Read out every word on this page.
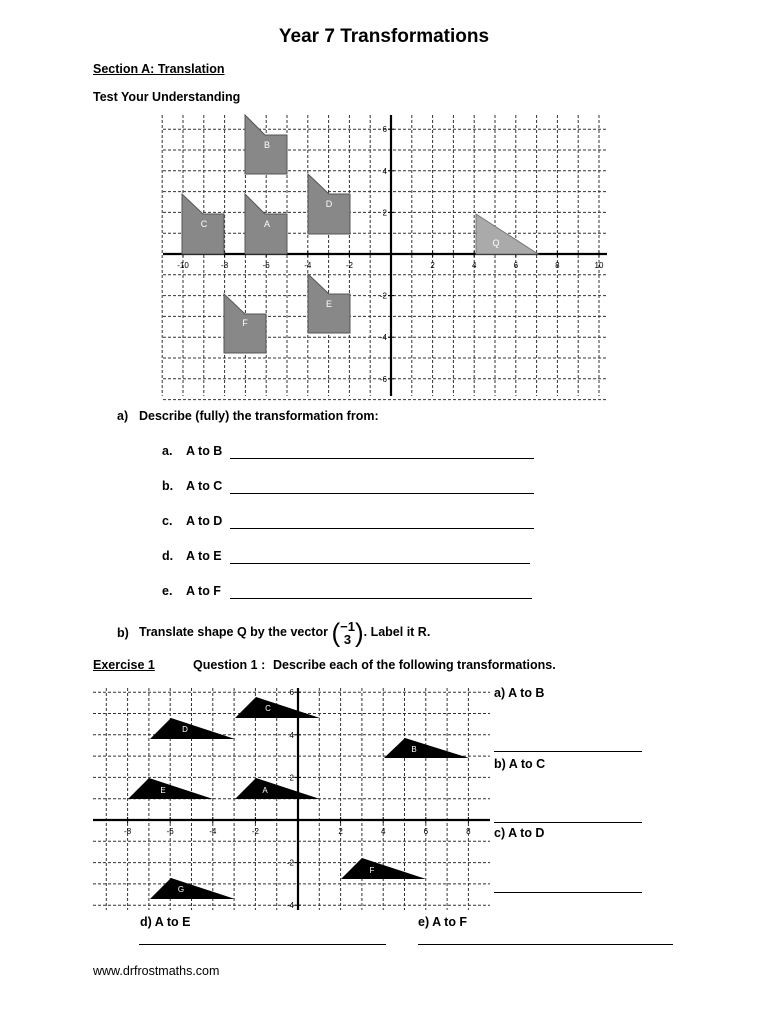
Year 7 Transformations
Section A: Translation
Test Your Understanding
-10	-8	-6	-4	-2	2	4	6	8	10
6
4
2
-2
-4
-6
A
B
C
D
E
F
Q
a) Describe (fully) the transformation from:
a. A to B
b. A to C
c. A to D
d. A to E
e. A to F
b) Translate shape Q by the vector (−1
3 ). Label it R.
Exercise 1	Question 1 : Describe each of the following transformations.
-8	-6	-4	-2	2	4	6	8
6
4
2
-2
-4
A
B
C
D
E
F
G
a) A to B
b) A to C
c) A to D
d) A to E	e) A to F
www.drfrostmaths.com
